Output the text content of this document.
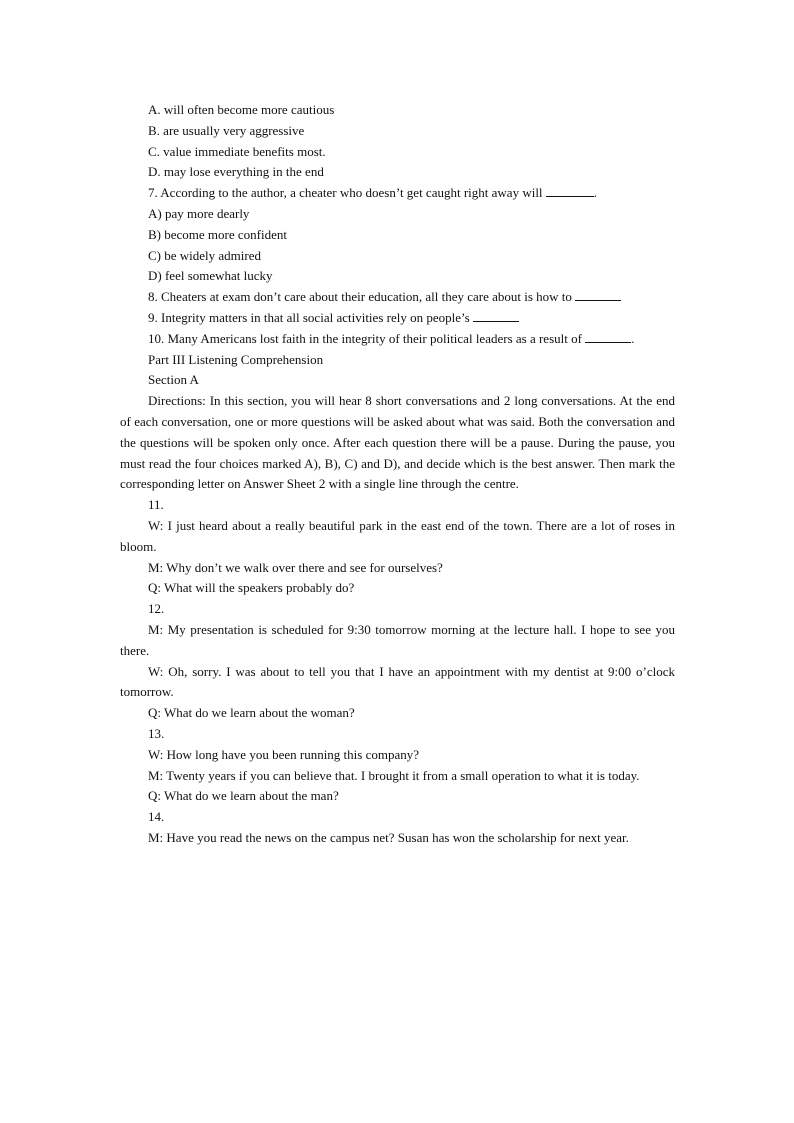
A. will often become more cautious

B. are usually very aggressive

C. value immediate benefits most.

D. may lose everything in the end

7. According to the author, a cheater who doesn’t get caught right away will	.

A) pay more dearly

B) become more confident

C) be widely admired

D) feel somewhat lucky

8. Cheaters at exam don’t care about their education, all they care about is how to

9. Integrity matters in that all social activities rely on people’s

10. Many Americans lost faith in the integrity of their political leaders as a result of	.

Part III Listening Comprehension

Section A

Directions: In this section, you will hear 8 short conversations and 2 long conversations. At the end of each conversation, one or more questions will be asked about what was said. Both the conversation and the questions will be spoken only once. After each question there will be a pause. During the pause, you must read the four choices marked A), B), C) and D), and decide which is the best answer. Then mark the corresponding letter on Answer Sheet 2 with a single line through the centre.

11.

W: I just heard about a really beautiful park in the east end of the town. There are a lot of roses in bloom.

M: Why don’t we walk over there and see for ourselves?

Q: What will the speakers probably do?

12.

M: My presentation is scheduled for 9:30 tomorrow morning at the lecture hall. I hope to see you there.

W: Oh, sorry. I was about to tell you that I have an appointment with my dentist at 9:00 o’clock tomorrow.

Q: What do we learn about the woman?

13.

W: How long have you been running this company?

M: Twenty years if you can believe that. I brought it from a small operation to what it is today.

Q: What do we learn about the man?

14.

M: Have you read the news on the campus net? Susan has won the scholarship for next year.
